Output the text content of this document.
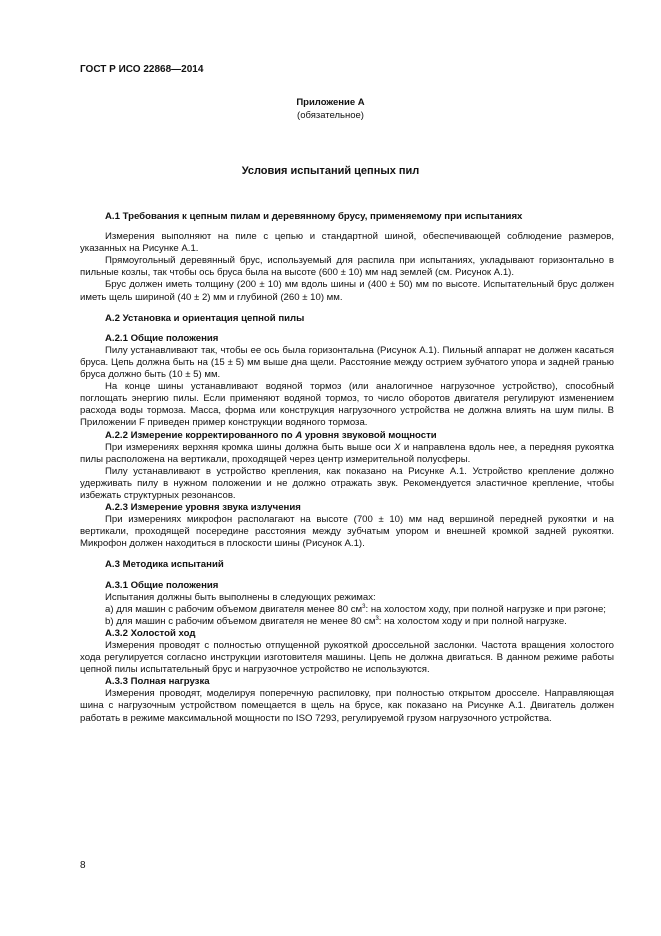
ГОСТ Р ИСО 22868—2014
Приложение А
(обязательное)
Условия испытаний цепных пил
А.1 Требования к цепным пилам и деревянному брусу, применяемому при испытаниях

Измерения выполняют на пиле с цепью и стандартной шиной, обеспечивающей соблюдение размеров, указанных на Рисунке А.1.

Прямоугольный деревянный брус, используемый для распила при испытаниях, укладывают горизонтально в пильные козлы, так чтобы ось бруса была на высоте (600 ± 10) мм над землей (см. Рисунок А.1).

Брус должен иметь толщину (200 ± 10) мм вдоль шины и (400 ± 50) мм по высоте. Испытательный брус должен иметь щель шириной (40 ± 2) мм и глубиной (260 ± 10) мм.

А.2 Установка и ориентация цепной пилы
А.2.1 Общие положения

Пилу устанавливают так, чтобы ее ось была горизонтальна (Рисунок А.1). Пильный аппарат не должен касаться бруса. Цепь должна быть на (15 ± 5) мм выше дна щели. Расстояние между острием зубчатого упора и задней гранью бруса должно быть (10 ± 5) мм.

На конце шины устанавливают водяной тормоз (или аналогичное нагрузочное устройство), способный поглощать энергию пилы. Если применяют водяной тормоз, то число оборотов двигателя регулируют изменением расхода воды тормоза. Масса, форма или конструкция нагрузочного устройства не должна влиять на шум пилы. В Приложении F приведен пример конструкции водяного тормоза.

А.2.2 Измерение корректированного по А уровня звуковой мощности

При измерениях верхняя кромка шины должна быть выше оси X и направлена вдоль нее, а передняя рукоятка пилы расположена на вертикали, проходящей через центр измерительной полусферы.

Пилу устанавливают в устройство крепления, как показано на Рисунке А.1. Устройство крепление должно удерживать пилу в нужном положении и не должно отражать звук. Рекомендуется эластичное крепление, чтобы избежать структурных резонансов.

А.2.3 Измерение уровня звука излучения

При измерениях микрофон располагают на высоте (700 ± 10) мм над вершиной передней рукоятки и на вертикали, проходящей посередине расстояния между зубчатым упором и внешней кромкой задней рукоятки. Микрофон должен находиться в плоскости шины (Рисунок А.1).

А.3 Методика испытаний
А.3.1 Общие положения

Испытания должны быть выполнены в следующих режимах:

а) для машин с рабочим объемом двигателя менее 80 $см^3$: на холостом ходу, при полной нагрузке и при рэгоне;

b) для машин с рабочим объемом двигателя не менее 80 $см^3$: на холостом ходу и при полной нагрузке.

А.3.2 Холостой ход

Измерения проводят с полностью отпущенной рукояткой дроссельной заслонки. Частота вращения холостого хода регулируется согласно инструкции изготовителя машины. Цепь не должна двигаться. В данном режиме работы цепной пилы испытательный брус и нагрузочное устройство не используются.

А.3.3 Полная нагрузка

Измерения проводят, моделируя поперечную распиловку, при полностью открытом дросселе. Направляющая шина с нагрузочным устройством помещается в щель на брусе, как показано на Рисунке А.1. Двигатель должен работать в режиме максимальной мощности по ISO 7293, регулируемой грузом нагрузочного устройства.

8
